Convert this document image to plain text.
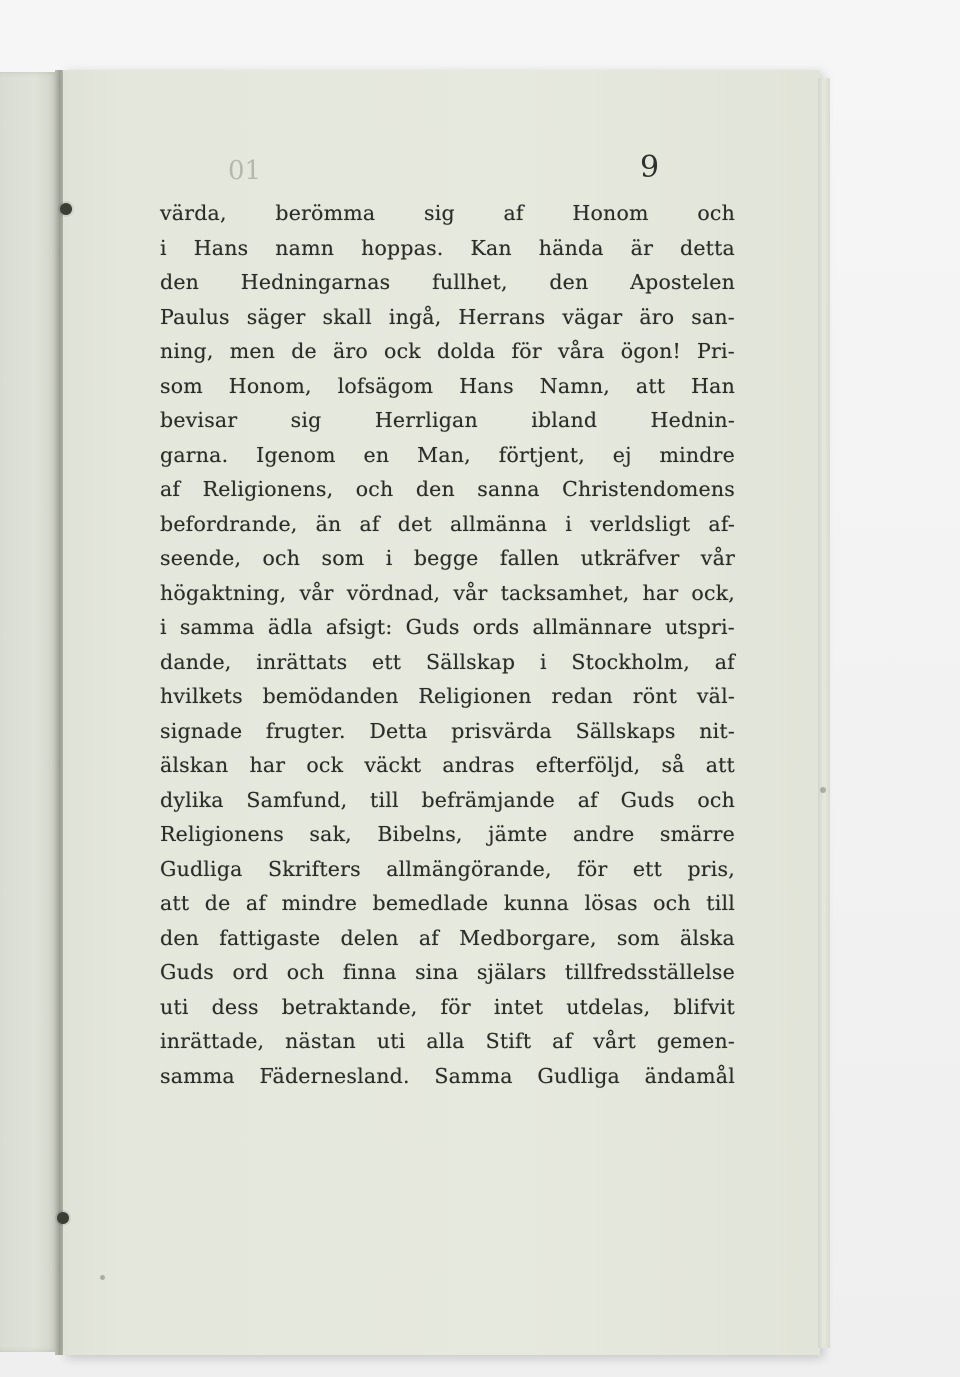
01	9
värda, berömma sig af Honom och
i Hans namn hoppas. Kan hända är detta
den Hedningarnas fullhet, den Apostelen
Paulus säger skall ingå, Herrans vägar äro san-
ning, men de äro ock dolda för våra ögon! Pri-
som Honom, lofsägom Hans Namn, att Han
bevisar	sig	Herrligan	ibland	Hednin-
garna. Igenom en Man, förtjent, ej mindre
af Religionens, och den sanna Christendomens
befordrande, än af det allmänna i verldsligt af-
seende, och som i begge fallen utkräfver vår
högaktning, vår vördnad, vår tacksamhet, har ock,
i samma ädla afsigt: Guds ords allmännare utspri-
dande, inrättats ett Sällskap i Stockholm, af
hvilkets bemödanden Religionen redan rönt väl-
signade frugter. Detta prisvärda Sällskaps nit-
älskan har ock väckt andras efterföljd, så att
dylika Samfund, till befrämjande af Guds och
Religionens sak, Bibelns, jämte andre smärre
Gudliga Skrifters allmängörande, för ett pris,
att de af mindre bemedlade kunna lösas och till
den fattigaste delen af Medborgare, som älska
Guds ord och finna sina själars tillfredsställelse
uti dess betraktande, för intet utdelas, blifvit
inrättade, nästan uti alla Stift af vårt gemen-
samma Fädernesland. Samma Gudliga ändamål
